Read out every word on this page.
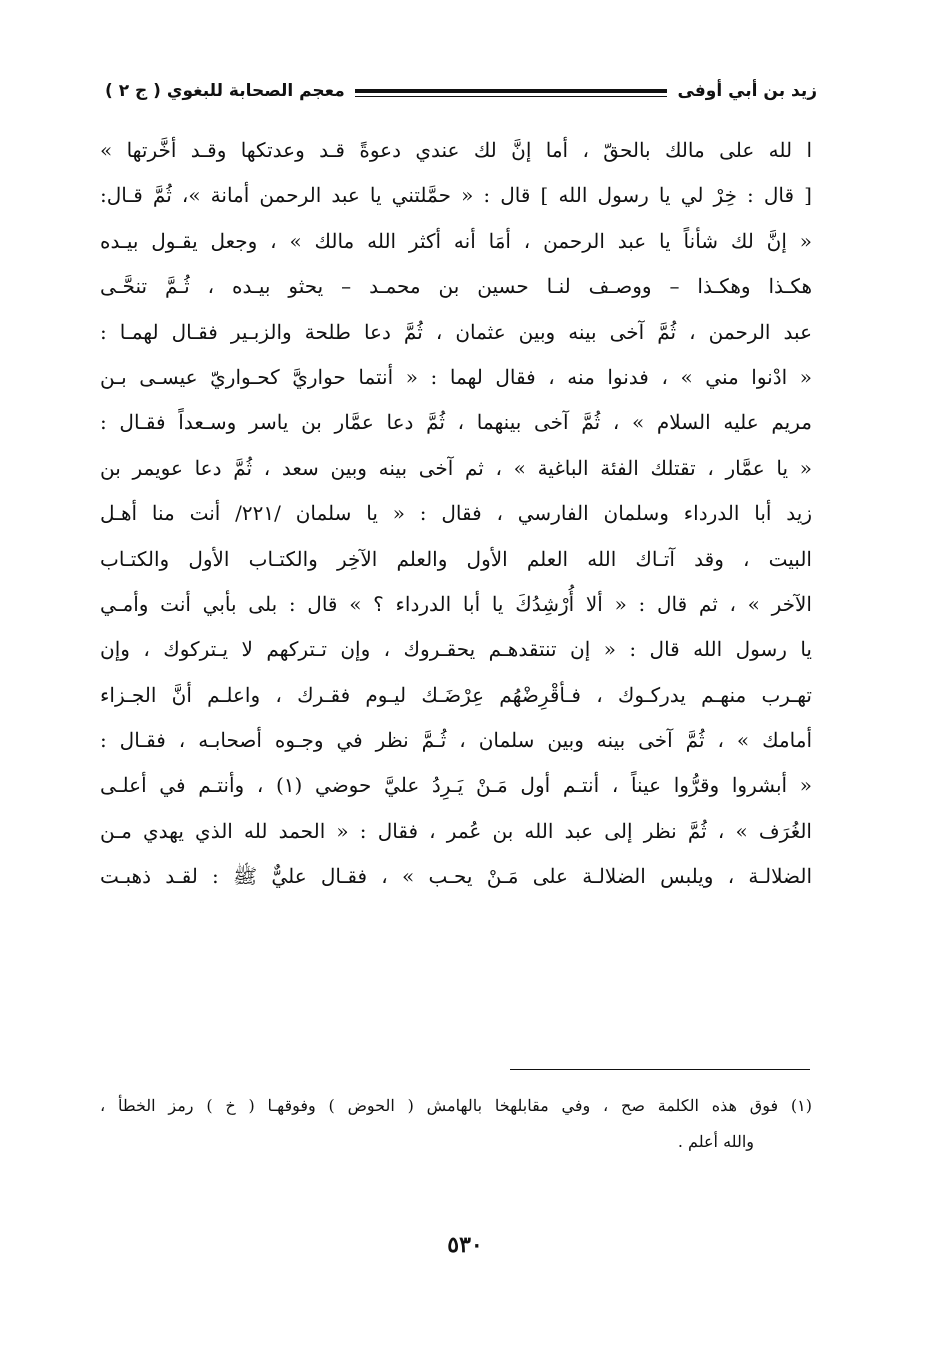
زيد بن أبي أوفى
معجم الصحابة للبغوي ( ج ٢ )
ا لله على مالك بالحقّ ، أما إنَّ لك عندي دعوةً قـد وعدتكها وقـد أخَّرتها »
[ قال : خِرْ لي يا رسول الله ] قال : « حمَّلتني يا عبد الرحمن أمانة »، ثُمَّ قـال:
« إنَّ لك شأناً يا عبد الرحمن ، أمَا أنه أكثر الله مالك » ، وجعل يقـول بيـده
هكـذا وهكـذا – ووصـف لنـا حسين بن محمـد – يحثو بيـده ، ثُـمَّ تنحَّـى
عبد الرحمن ، ثُمَّ آخى بينه وبين عثمان ، ثُمَّ دعا طلحة والزبـير فقـال لهمـا :
« ادْنوا مني » ، فدنوا منه ، فقال لهما : « أنتما حواريَّ كحـواريّ عيسـى بـن
مريم عليه السلام » ، ثُمَّ آخى بينهما ، ثُمَّ دعا عمَّار بن ياسر وسـعداً فقـال :
« يا عمَّار ، تقتلك الفئة الباغية » ، ثم آخى بينه وبين سعد ، ثُمَّ دعا عويمر بن
زيد أبا الدرداء وسلمان الفارسي ، فقال : « يا سلمان /٢٢١/ أنت منا أهـل
البيت ، وقد آتـاك الله العلم الأول والعلم الآخِر والكتـاب الأول والكتـاب
الآخر » ، ثم قال : « ألا أُرْشِدُكَ يا أبا الدرداء ؟ » قال : بلى بأبي أنت وأمـي
يا رسول الله قال : « إن تنتقدهـم يحقـروك ، وإن تـتركهم لا يـتركوك ، وإن
تهـرب منهـم يدركـوك ، فـأقْرِضْهُم عِرْضَـك ليـوم فقـرك ، واعلـم أنَّ الجـزاء
أمامك » ، ثُمَّ آخى بينه وبين سلمان ، ثُـمَّ نظر في وجـوه أصحابـه ، فقـال :
« أبشروا وقرُّوا عيناً ، أنتـم أول مَـنْ يَـرِدُ عليَّ حوضي (١) ، وأنتـم في أعلـى
الغُرَف » ، ثُمَّ نظر إلى عبد الله بن عُمر ، فقال : « الحمد لله الذي يهدي مـن
الضلالـة ، ويلبس الضلالـة على مَـنْ يحـب » ، فقـال عليٌّ ﷺ : لقـد ذهبـت
(١) فوق هذه الكلمة صح ، وفي مقابلهخا بالهامش ( الحوض ) وفوقهـا ( خ ) رمز الخطأ ،
والله أعلم .
٥٣٠
